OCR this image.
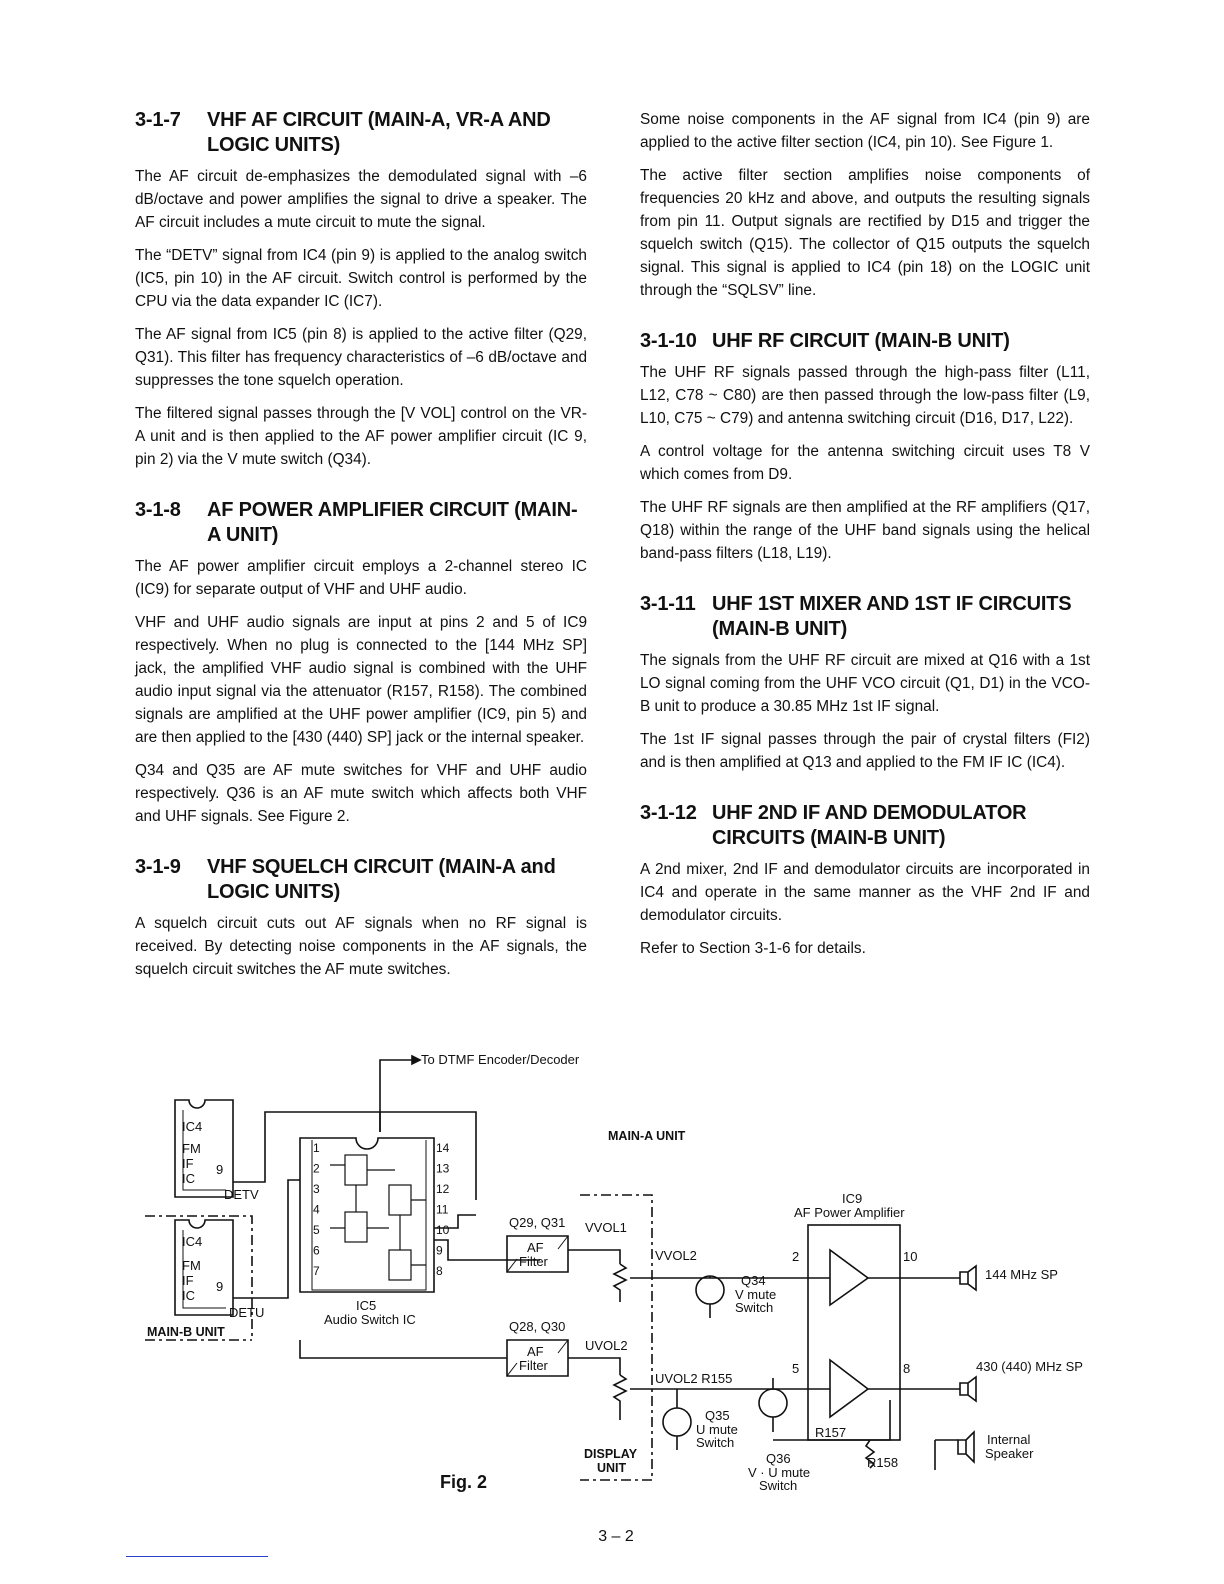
3-1-7	VHF AF CIRCUIT (MAIN-A, VR-A AND LOGIC UNITS)

The AF circuit de-emphasizes the demodulated signal with –6 dB/octave and power amplifies the signal to drive a speaker. The AF circuit includes a mute circuit to mute the signal.

The “DETV” signal from IC4 (pin 9) is applied to the analog switch (IC5, pin 10) in the AF circuit. Switch control is performed by the CPU via the data expander IC (IC7).

The AF signal from IC5 (pin 8) is applied to the active filter (Q29, Q31). This filter has frequency characteristics of –6 dB/octave and suppresses the tone squelch operation.

The filtered signal passes through the [V VOL] control on the VR-A unit and is then applied to the AF power amplifier circuit (IC 9, pin 2) via the V mute switch (Q34).

3-1-8	AF POWER AMPLIFIER CIRCUIT (MAIN-A UNIT)

The AF power amplifier circuit employs a 2-channel stereo IC (IC9) for separate output of VHF and UHF audio.

VHF and UHF audio signals are input at pins 2 and 5 of IC9 respectively. When no plug is connected to the [144 MHz SP] jack, the amplified VHF audio signal is combined with the UHF audio input signal via the attenuator (R157, R158). The combined signals are amplified at the UHF power amplifier (IC9, pin 5) and are then applied to the [430 (440) SP] jack or the internal speaker.

Q34 and Q35 are AF mute switches for VHF and UHF audio respectively. Q36 is an AF mute switch which affects both VHF and UHF signals. See Figure 2.

3-1-9	VHF SQUELCH CIRCUIT (MAIN-A and LOGIC UNITS)

A squelch circuit cuts out AF signals when no RF signal is received. By detecting noise components in the AF signals, the squelch circuit switches the AF mute switches.

Some noise components in the AF signal from IC4 (pin 9) are applied to the active filter section (IC4, pin 10). See Figure 1.

The active filter section amplifies noise components of frequencies 20 kHz and above, and outputs the resulting signals from pin 11. Output signals are rectified by D15 and trigger the squelch switch (Q15). The collector of Q15 outputs the squelch signal. This signal is applied to IC4 (pin 18) on the LOGIC unit through the “SQLSV” line.

3-1-10 UHF RF CIRCUIT (MAIN-B UNIT)

The UHF RF signals passed through the high-pass filter (L11, L12, C78 ~ C80) are then passed through the low-pass filter (L9, L10, C75 ~ C79) and antenna switching circuit (D16, D17, L22).

A control voltage for the antenna switching circuit uses T8 V which comes from D9.

The UHF RF signals are then amplified at the RF amplifiers (Q17, Q18) within the range of the UHF band signals using the helical band-pass filters (L18, L19).

3-1-11 UHF 1ST MIXER AND 1ST IF CIRCUITS (MAIN-B UNIT)

The signals from the UHF RF circuit are mixed at Q16 with a 1st LO signal coming from the UHF VCO circuit (Q1, D1) in the VCO-B unit to produce a 30.85 MHz 1st IF signal.

The 1st IF signal passes through the pair of crystal filters (FI2) and is then amplified at Q13 and applied to the FM IF IC (IC4).

3-1-12 UHF 2ND IF AND DEMODULATOR CIRCUITS (MAIN-B UNIT)

A 2nd mixer, 2nd IF and demodulator circuits are incorporated in IC4 and operate in the same manner as the VHF 2nd IF and demodulator circuits.

Refer to Section 3-1-6 for details.

To DTMF Encoder/Decoder
IC4
FM
IF
IC
9
DETV
IC4
FM
IF
IC
9
DETU
MAIN-B UNIT
MAIN-A UNIT
IC5
Audio Switch IC
Q29, Q31
Q28, Q30
AF
Filter
AF
Filter
VVOL1
VVOL2
UVOL2
UVOL2 R155
Q34
V mute
Switch
Q35
U mute
Switch
Q36
V · U mute
Switch
R157
R158
IC9
AF Power Amplifier
2
5
10
8
144 MHz SP
430 (440) MHz SP
Internal
Speaker
DISPLAY
UNIT
Fig. 2
1
2
3
4
5
6
7
14
13
12
11
10
9
8
3 – 2
